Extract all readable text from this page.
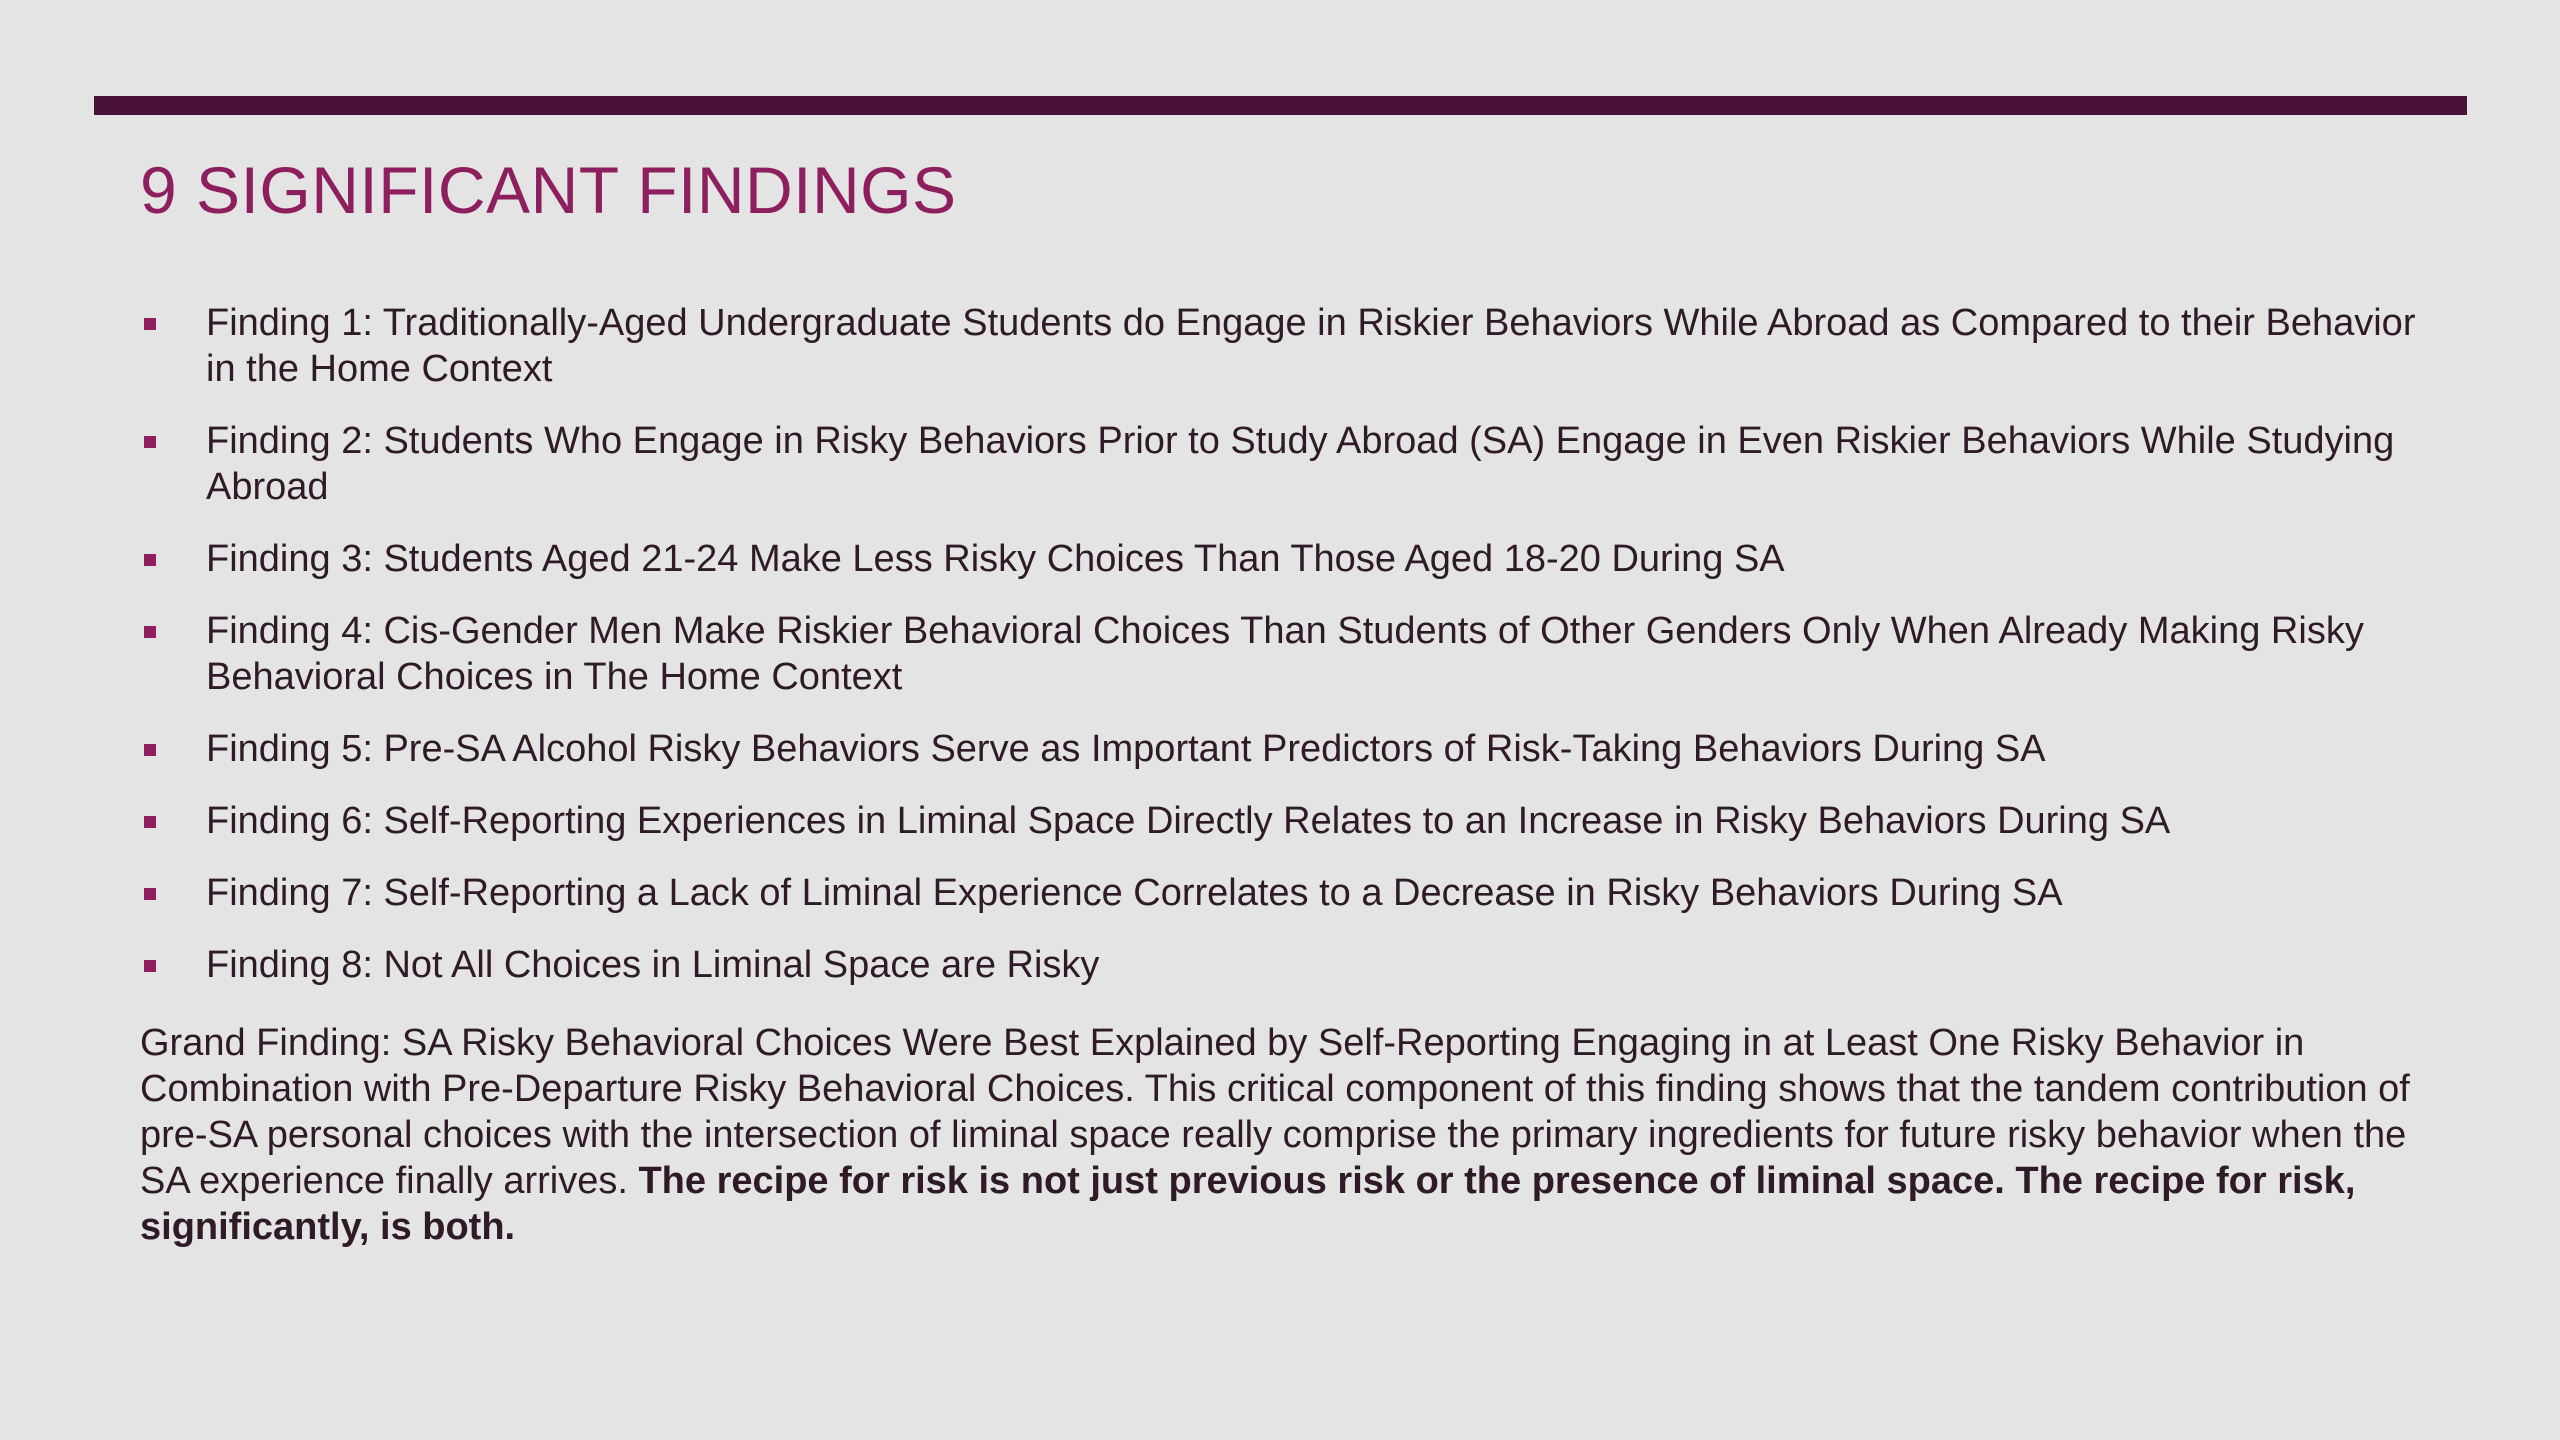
9 SIGNIFICANT FINDINGS
Finding 1: Traditionally-Aged Undergraduate Students do Engage in Riskier Behaviors While Abroad as Compared to their Behavior in the Home Context
Finding 2: Students Who Engage in Risky Behaviors Prior to Study Abroad (SA) Engage in Even Riskier Behaviors While Studying Abroad
Finding 3: Students Aged 21-24 Make Less Risky Choices Than Those Aged 18-20 During SA
Finding 4: Cis-Gender Men Make Riskier Behavioral Choices Than Students of Other Genders Only When Already Making Risky Behavioral Choices in The Home Context
Finding 5: Pre-SA Alcohol Risky Behaviors Serve as Important Predictors of Risk-Taking Behaviors During SA
Finding 6: Self-Reporting Experiences in Liminal Space Directly Relates to an Increase in Risky Behaviors During SA
Finding 7: Self-Reporting a Lack of Liminal Experience Correlates to a Decrease in Risky Behaviors During SA
Finding 8: Not All Choices in Liminal Space are Risky

Grand Finding: SA Risky Behavioral Choices Were Best Explained by Self-Reporting Engaging in at Least One Risky Behavior in Combination with Pre-Departure Risky Behavioral Choices. This critical component of this finding shows that the tandem contribution of pre-SA personal choices with the intersection of liminal space really comprise the primary ingredients for future risky behavior when the SA experience finally arrives. The recipe for risk is not just previous risk or the presence of liminal space. The recipe for risk, significantly, is both.
